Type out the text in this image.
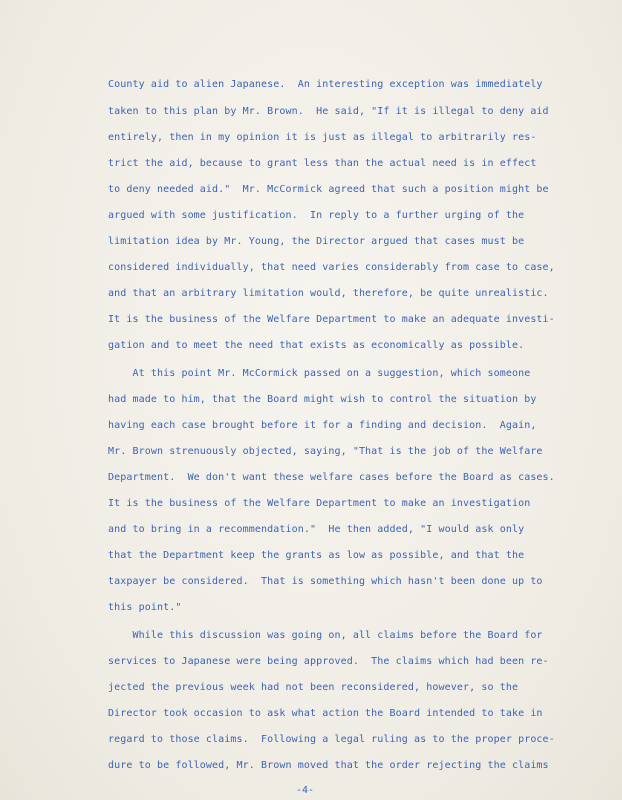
County aid to alien Japanese.  An interesting exception was immediately
taken to this plan by Mr. Brown.  He said, "If it is illegal to deny aid
entirely, then in my opinion it is just as illegal to arbitrarily res-
trict the aid, because to grant less than the actual need is in effect
to deny needed aid."  Mr. McCormick agreed that such a position might be
argued with some justification.  In reply to a further urging of the
limitation idea by Mr. Young, the Director argued that cases must be
considered individually, that need varies considerably from case to case,
and that an arbitrary limitation would, therefore, be quite unrealistic.
It is the business of the Welfare Department to make an adequate investi-
gation and to meet the need that exists as economically as possible.
At this point Mr. McCormick passed on a suggestion, which someone
had made to him, that the Board might wish to control the situation by
having each case brought before it for a finding and decision.  Again,
Mr. Brown strenuously objected, saying, "That is the job of the Welfare
Department.  We don't want these welfare cases before the Board as cases.
It is the business of the Welfare Department to make an investigation
and to bring in a recommendation."  He then added, "I would ask only
that the Department keep the grants as low as possible, and that the
taxpayer be considered.  That is something which hasn't been done up to
this point."
While this discussion was going on, all claims before the Board for
services to Japanese were being approved.  The claims which had been re-
jected the previous week had not been reconsidered, however, so the
Director took occasion to ask what action the Board intended to take in
regard to those claims.  Following a legal ruling as to the proper proce-
dure to be followed, Mr. Brown moved that the order rejecting the claims
-4-
